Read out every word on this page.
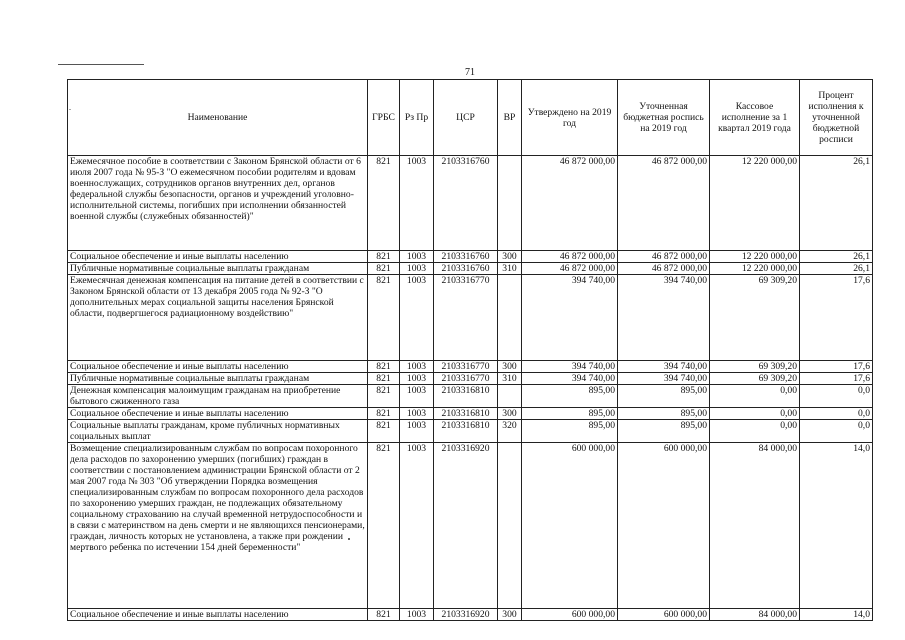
71
.
Наименование	ГРБС	Рз Пр	ЦСР	ВР	Утверждено на 2019 год	Уточненная бюджетная роспись на 2019 год	Кассовое исполнение за 1 квартал 2019 года	Процент исполнения к уточненной бюджетной росписи
Ежемесячное пособие в соответствии с Законом Брянской области от 6 июля 2007 года № 95-З "О ежемесячном пособии родителям и вдовам военнослужащих, сотрудников органов внутренних дел, органов федеральной службы безопасности, органов и учреждений уголовно-исполнительной системы, погибших при исполнении обязанностей военной службы (служебных обязанностей)"	821	1003	2103316760		46 872 000,00	46 872 000,00	12 220 000,00	26,1
Социальное обеспечение и иные выплаты населению	821	1003	2103316760	300	46 872 000,00	46 872 000,00	12 220 000,00	26,1
Публичные нормативные социальные выплаты гражданам	821	1003	2103316760	310	46 872 000,00	46 872 000,00	12 220 000,00	26,1
Ежемесячная денежная компенсация на питание детей в соответствии с Законом Брянской области от 13 декабря 2005 года № 92-З "О дополнительных мерах социальной защиты населения Брянской области, подвергшегося радиационному воздействию"	821	1003	2103316770		394 740,00	394 740,00	69 309,20	17,6
Социальное обеспечение и иные выплаты населению	821	1003	2103316770	300	394 740,00	394 740,00	69 309,20	17,6
Публичные нормативные социальные выплаты гражданам	821	1003	2103316770	310	394 740,00	394 740,00	69 309,20	17,6
Денежная компенсация малоимущим гражданам на приобретение бытового сжиженного газа	821	1003	2103316810		895,00	895,00	0,00	0,0
Социальное обеспечение и иные выплаты населению	821	1003	2103316810	300	895,00	895,00	0,00	0,0
Социальные выплаты гражданам, кроме публичных нормативных социальных выплат	821	1003	2103316810	320	895,00	895,00	0,00	0,0
Возмещение специализированным службам по вопросам похоронного дела расходов по захоронению умерших (погибших) граждан в соответствии с постановлением администрации Брянской области от 2 мая 2007 года № 303 "Об утверждении Порядка возмещения специализированным службам по вопросам похоронного дела расходов по захоронению умерших граждан, не подлежащих обязательному социальному страхованию на случай временной нетрудоспособности и в связи с материнством на день смерти и не являющихся пенсионерами, граждан, личность которых не установлена, а также при рождении мертвого ребенка по истечении 154 дней беременности"	821	1003	2103316920		600 000,00	600 000,00	84 000,00	14,0
Социальное обеспечение и иные выплаты населению	821	1003	2103316920	300	600 000,00	600 000,00	84 000,00	14,0
